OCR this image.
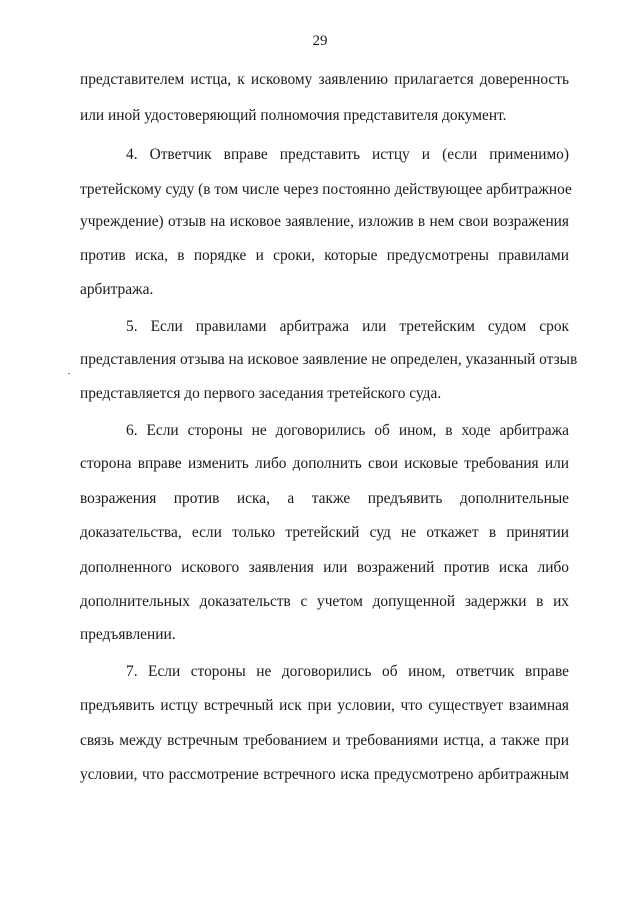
29
представителем истца, к исковому заявлению прилагается доверенность
или иной удостоверяющий полномочия представителя документ.
4. Ответчик вправе представить истцу и (если применимо)
третейскому суду (в том числе через постоянно действующее арбитражное
учреждение) отзыв на исковое заявление, изложив в нем свои возражения
против иска, в порядке и сроки, которые предусмотрены правилами
арбитража.
5. Если правилами арбитража или третейским судом срок
представления отзыва на исковое заявление не определен, указанный отзыв
представляется до первого заседания третейского суда.
6. Если стороны не договорились об ином, в ходе арбитража
сторона вправе изменить либо дополнить свои исковые требования или
возражения против иска, а также предъявить дополнительные
доказательства, если только третейский суд не откажет в принятии
дополненного искового заявления или возражений против иска либо
дополнительных доказательств с учетом допущенной задержки в их
предъявлении.
7. Если стороны не договорились об ином, ответчик вправе
предъявить истцу встречный иск при условии, что существует взаимная
связь между встречным требованием и требованиями истца, а также при
условии, что рассмотрение встречного иска предусмотрено арбитражным
